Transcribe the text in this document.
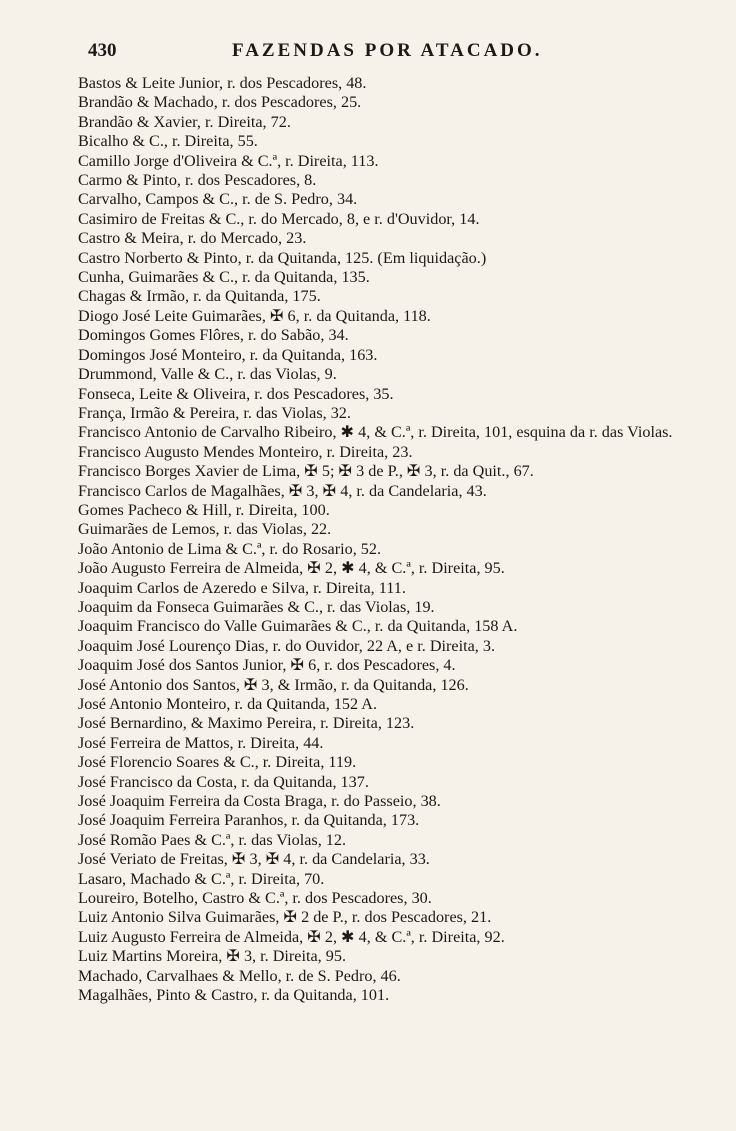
430	FAZENDAS POR ATACADO.
Bastos & Leite Junior, r. dos Pescadores, 48.
Brandão & Machado, r. dos Pescadores, 25.
Brandão & Xavier, r. Direita, 72.
Bicalho & C., r. Direita, 55.
Camillo Jorge d'Oliveira & C.ª, r. Direita, 113.
Carmo & Pinto, r. dos Pescadores, 8.
Carvalho, Campos & C., r. de S. Pedro, 34.
Casimiro de Freitas & C., r. do Mercado, 8, e r. d'Ouvidor, 14.
Castro & Meira, r. do Mercado, 23.
Castro Norberto & Pinto, r. da Quitanda, 125. (Em liquidação.)
Cunha, Guimarães & C., r. da Quitanda, 135.
Chagas & Irmão, r. da Quitanda, 175.
Diogo José Leite Guimarães, ✠ 6, r. da Quitanda, 118.
Domingos Gomes Flôres, r. do Sabão, 34.
Domingos José Monteiro, r. da Quitanda, 163.
Drummond, Valle & C., r. das Violas, 9.
Fonseca, Leite & Oliveira, r. dos Pescadores, 35.
França, Irmão & Pereira, r. das Violas, 32.
Francisco Antonio de Carvalho Ribeiro, ✱ 4, & C.ª, r. Direita, 101, esquina da r. das Violas.
Francisco Augusto Mendes Monteiro, r. Direita, 23.
Francisco Borges Xavier de Lima, ✠ 5; ✠ 3 de P., ✠ 3, r. da Quit., 67.
Francisco Carlos de Magalhães, ✠ 3, ✠ 4, r. da Candelaria, 43.
Gomes Pacheco & Hill, r. Direita, 100.
Guimarães de Lemos, r. das Violas, 22.
João Antonio de Lima & C.ª, r. do Rosario, 52.
João Augusto Ferreira de Almeida, ✠ 2, ✱ 4, & C.ª, r. Direita, 95.
Joaquim Carlos de Azeredo e Silva, r. Direita, 111.
Joaquim da Fonseca Guimarães & C., r. das Violas, 19.
Joaquim Francisco do Valle Guimarães & C., r. da Quitanda, 158 A.
Joaquim José Lourenço Dias, r. do Ouvidor, 22 A, e r. Direita, 3.
Joaquim José dos Santos Junior, ✠ 6, r. dos Pescadores, 4.
José Antonio dos Santos, ✠ 3, & Irmão, r. da Quitanda, 126.
José Antonio Monteiro, r. da Quitanda, 152 A.
José Bernardino, & Maximo Pereira, r. Direita, 123.
José Ferreira de Mattos, r. Direita, 44.
José Florencio Soares & C., r. Direita, 119.
José Francisco da Costa, r. da Quitanda, 137.
José Joaquim Ferreira da Costa Braga, r. do Passeio, 38.
José Joaquim Ferreira Paranhos, r. da Quitanda, 173.
José Romão Paes & C.ª, r. das Violas, 12.
José Veriato de Freitas, ✠ 3, ✠ 4, r. da Candelaria, 33.
Lasaro, Machado & C.ª, r. Direita, 70.
Loureiro, Botelho, Castro & C.ª, r. dos Pescadores, 30.
Luiz Antonio Silva Guimarães, ✠ 2 de P., r. dos Pescadores, 21.
Luiz Augusto Ferreira de Almeida, ✠ 2, ✱ 4, & C.ª, r. Direita, 92.
Luiz Martins Moreira, ✠ 3, r. Direita, 95.
Machado, Carvalhaes & Mello, r. de S. Pedro, 46.
Magalhães, Pinto & Castro, r. da Quitanda, 101.
